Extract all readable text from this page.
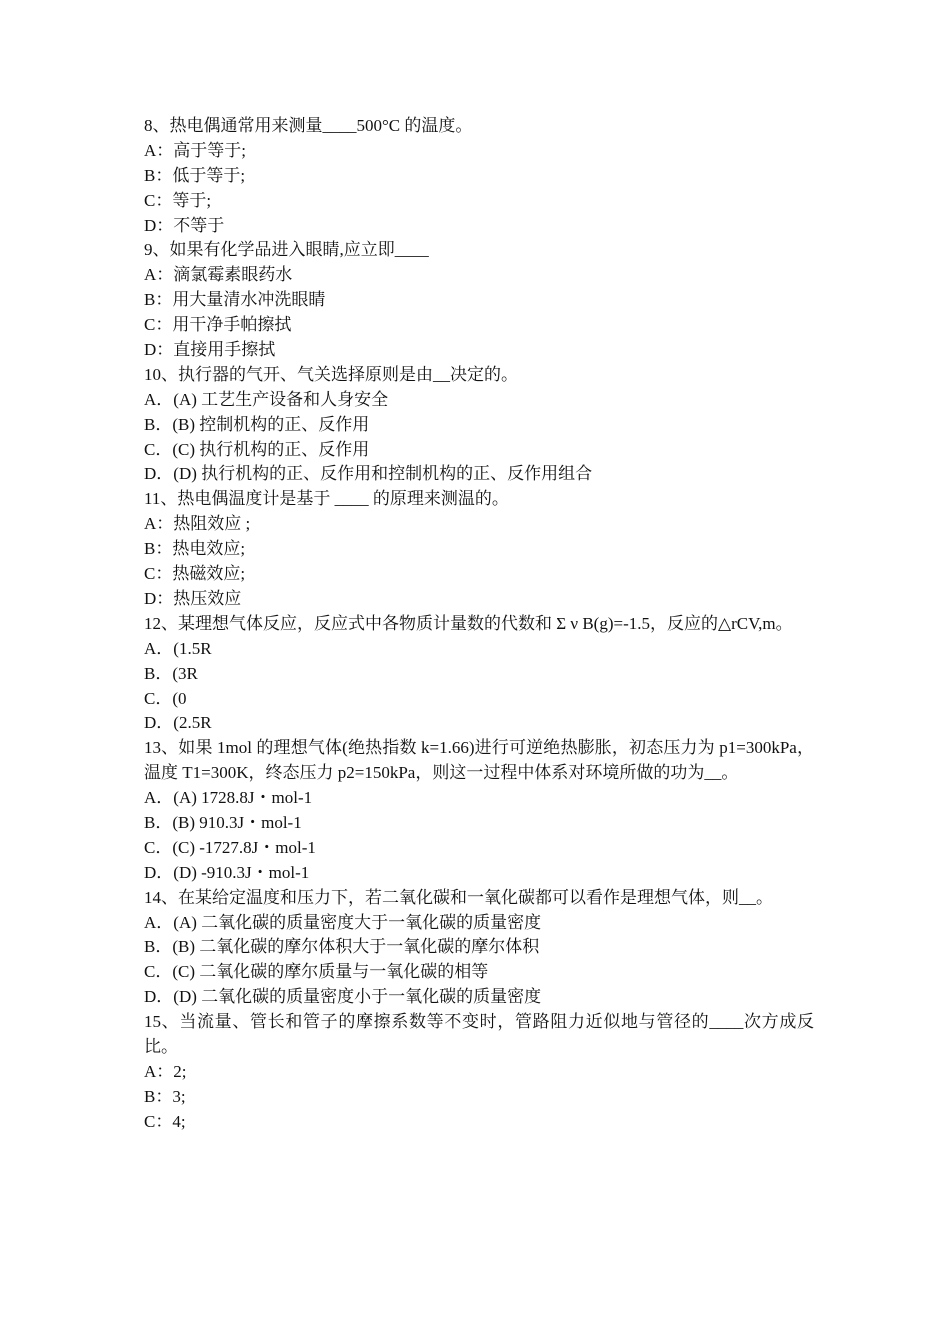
8、热电偶通常用来测量____500°C 的温度。

A：高于等于;

B：低于等于;

C：等于;

D：不等于

9、如果有化学品进入眼睛,应立即____

A：滴氯霉素眼药水

B：用大量清水冲洗眼睛

C：用干净手帕擦拭

D：直接用手擦拭

10、执行器的气开、气关选择原则是由__决定的。

A．(A) 工艺生产设备和人身安全

B．(B) 控制机构的正、反作用

C．(C) 执行机构的正、反作用

D．(D) 执行机构的正、反作用和控制机构的正、反作用组合

11、热电偶温度计是基于 ____ 的原理来测温的。

A：热阻效应 ;

B：热电效应;

C：热磁效应;

D：热压效应

12、某理想气体反应，反应式中各物质计量数的代数和 Σ ν B(g)=-1.5，反应的△rCV,m。

A．(1.5R

B．(3R

C．(0

D．(2.5R

13、如果 1mol 的理想气体(绝热指数 k=1.66)进行可逆绝热膨胀，初态压力为 p1=300kPa，温度 T1=300K，终态压力 p2=150kPa，则这一过程中体系对环境所做的功为__。

A．(A) 1728.8J・mol-1

B．(B) 910.3J・mol-1

C．(C) -1727.8J・mol-1

D．(D) -910.3J・mol-1

14、在某给定温度和压力下，若二氧化碳和一氧化碳都可以看作是理想气体，则__。

A．(A) 二氧化碳的质量密度大于一氧化碳的质量密度

B．(B) 二氧化碳的摩尔体积大于一氧化碳的摩尔体积

C．(C) 二氧化碳的摩尔质量与一氧化碳的相等

D．(D) 二氧化碳的质量密度小于一氧化碳的质量密度

15、当流量、管长和管子的摩擦系数等不变时，管路阻力近似地与管径的____次方成反比。

A：2;

B：3;

C：4;
